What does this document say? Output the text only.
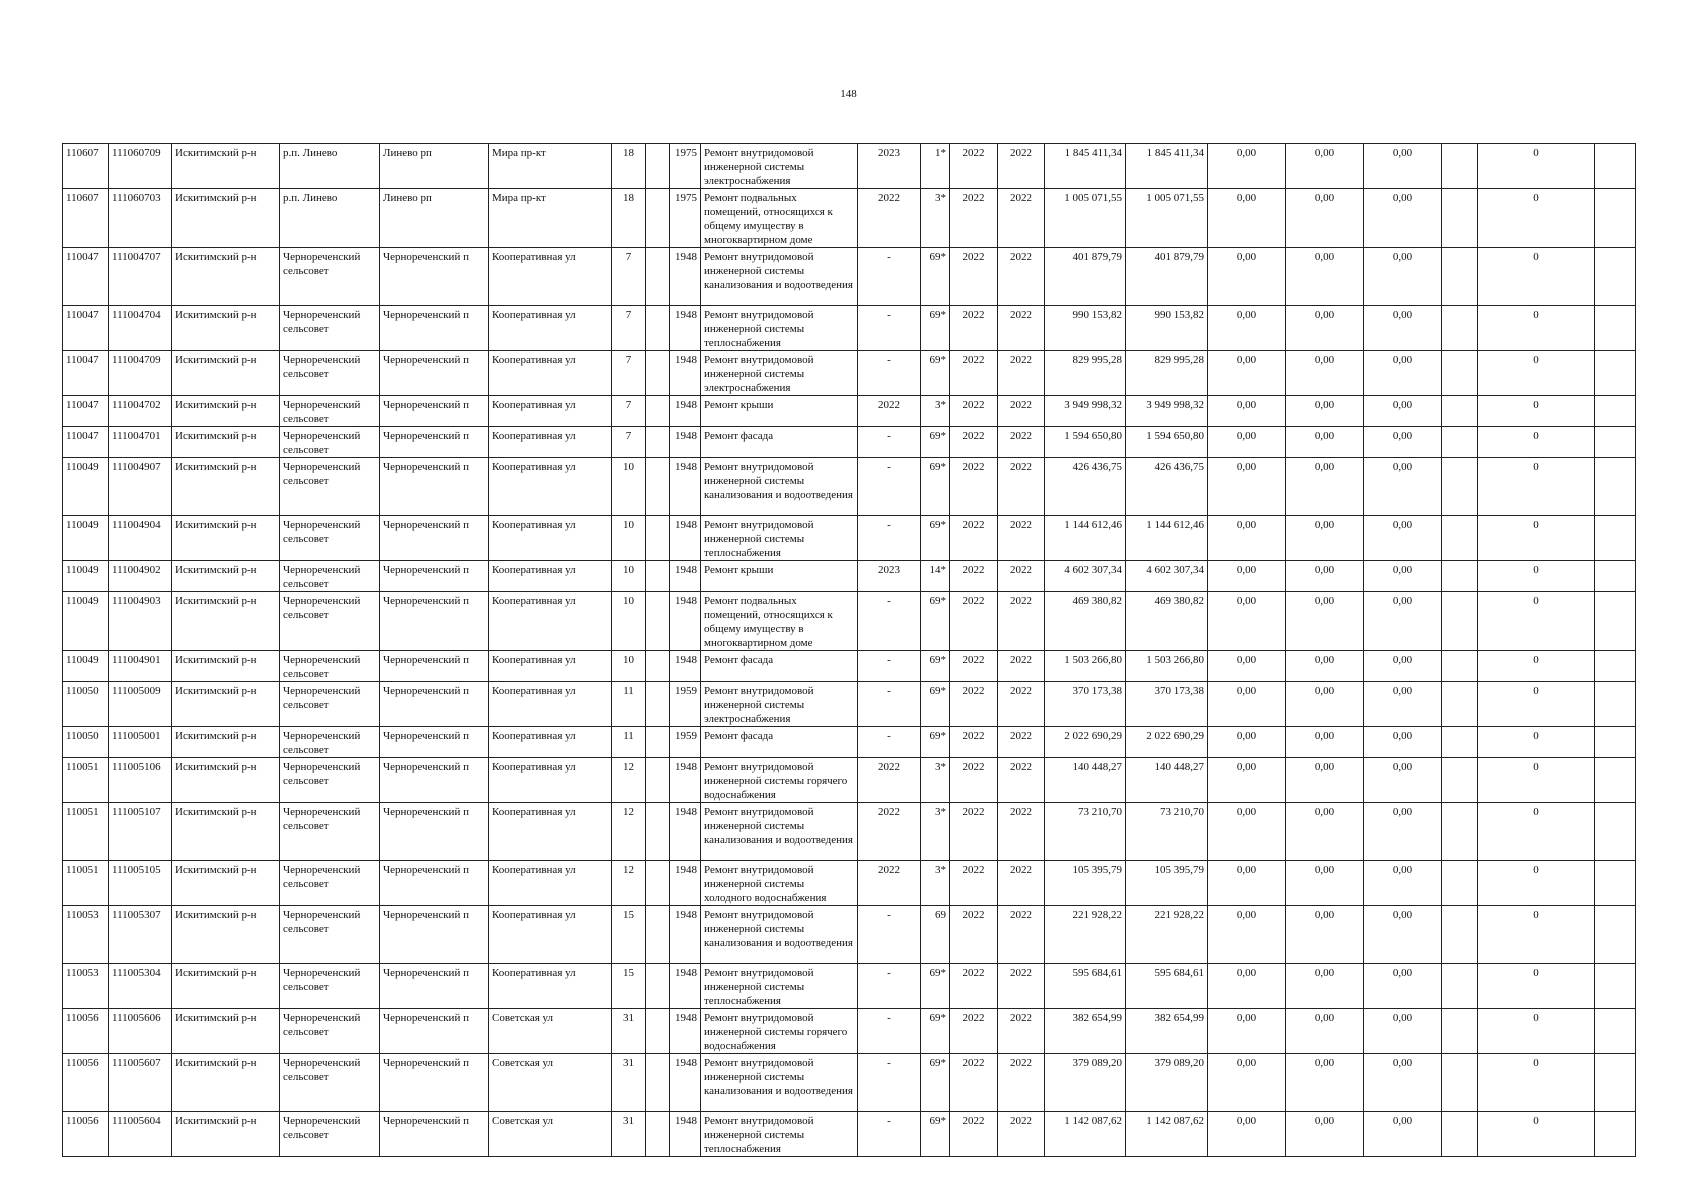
148
110607	111060709	Искитимский р-н	р.п. Линево	Линево рп	Мира пр-кт	18		1975	Ремонт внутридомовой инженерной системы электроснабжения	2023	1*	2022	2022	1 845 411,34	1 845 411,34	0,00	0,00	0,00		0	
110607	111060703	Искитимский р-н	р.п. Линево	Линево рп	Мира пр-кт	18		1975	Ремонт подвальных помещений, относящихся к общему имуществу в многоквартирном доме	2022	3*	2022	2022	1 005 071,55	1 005 071,55	0,00	0,00	0,00		0	
110047	111004707	Искитимский р-н	Чернореченский сельсовет	Чернореченский п	Кооперативная ул	7		1948	Ремонт внутридомовой инженерной системы канализования и водоотведения	-	69*	2022	2022	401 879,79	401 879,79	0,00	0,00	0,00		0	
110047	111004704	Искитимский р-н	Чернореченский сельсовет	Чернореченский п	Кооперативная ул	7		1948	Ремонт внутридомовой инженерной системы теплоснабжения	-	69*	2022	2022	990 153,82	990 153,82	0,00	0,00	0,00		0	
110047	111004709	Искитимский р-н	Чернореченский сельсовет	Чернореченский п	Кооперативная ул	7		1948	Ремонт внутридомовой инженерной системы электроснабжения	-	69*	2022	2022	829 995,28	829 995,28	0,00	0,00	0,00		0	
110047	111004702	Искитимский р-н	Чернореченский сельсовет	Чернореченский п	Кооперативная ул	7		1948	Ремонт крыши	2022	3*	2022	2022	3 949 998,32	3 949 998,32	0,00	0,00	0,00		0	
110047	111004701	Искитимский р-н	Чернореченский сельсовет	Чернореченский п	Кооперативная ул	7		1948	Ремонт фасада	-	69*	2022	2022	1 594 650,80	1 594 650,80	0,00	0,00	0,00		0	
110049	111004907	Искитимский р-н	Чернореченский сельсовет	Чернореченский п	Кооперативная ул	10		1948	Ремонт внутридомовой инженерной системы канализования и водоотведения	-	69*	2022	2022	426 436,75	426 436,75	0,00	0,00	0,00		0	
110049	111004904	Искитимский р-н	Чернореченский сельсовет	Чернореченский п	Кооперативная ул	10		1948	Ремонт внутридомовой инженерной системы теплоснабжения	-	69*	2022	2022	1 144 612,46	1 144 612,46	0,00	0,00	0,00		0	
110049	111004902	Искитимский р-н	Чернореченский сельсовет	Чернореченский п	Кооперативная ул	10		1948	Ремонт крыши	2023	14*	2022	2022	4 602 307,34	4 602 307,34	0,00	0,00	0,00		0	
110049	111004903	Искитимский р-н	Чернореченский сельсовет	Чернореченский п	Кооперативная ул	10		1948	Ремонт подвальных помещений, относящихся к общему имуществу в многоквартирном доме	-	69*	2022	2022	469 380,82	469 380,82	0,00	0,00	0,00		0	
110049	111004901	Искитимский р-н	Чернореченский сельсовет	Чернореченский п	Кооперативная ул	10		1948	Ремонт фасада	-	69*	2022	2022	1 503 266,80	1 503 266,80	0,00	0,00	0,00		0	
110050	111005009	Искитимский р-н	Чернореченский сельсовет	Чернореченский п	Кооперативная ул	11		1959	Ремонт внутридомовой инженерной системы электроснабжения	-	69*	2022	2022	370 173,38	370 173,38	0,00	0,00	0,00		0	
110050	111005001	Искитимский р-н	Чернореченский сельсовет	Чернореченский п	Кооперативная ул	11		1959	Ремонт фасада	-	69*	2022	2022	2 022 690,29	2 022 690,29	0,00	0,00	0,00		0	
110051	111005106	Искитимский р-н	Чернореченский сельсовет	Чернореченский п	Кооперативная ул	12		1948	Ремонт внутридомовой инженерной системы горячего водоснабжения	2022	3*	2022	2022	140 448,27	140 448,27	0,00	0,00	0,00		0	
110051	111005107	Искитимский р-н	Чернореченский сельсовет	Чернореченский п	Кооперативная ул	12		1948	Ремонт внутридомовой инженерной системы канализования и водоотведения	2022	3*	2022	2022	73 210,70	73 210,70	0,00	0,00	0,00		0	
110051	111005105	Искитимский р-н	Чернореченский сельсовет	Чернореченский п	Кооперативная ул	12		1948	Ремонт внутридомовой инженерной системы холодного водоснабжения	2022	3*	2022	2022	105 395,79	105 395,79	0,00	0,00	0,00		0	
110053	111005307	Искитимский р-н	Чернореченский сельсовет	Чернореченский п	Кооперативная ул	15		1948	Ремонт внутридомовой инженерной системы канализования и водоотведения	-	69	2022	2022	221 928,22	221 928,22	0,00	0,00	0,00		0	
110053	111005304	Искитимский р-н	Чернореченский сельсовет	Чернореченский п	Кооперативная ул	15		1948	Ремонт внутридомовой инженерной системы теплоснабжения	-	69*	2022	2022	595 684,61	595 684,61	0,00	0,00	0,00		0	
110056	111005606	Искитимский р-н	Чернореченский сельсовет	Чернореченский п	Советская ул	31		1948	Ремонт внутридомовой инженерной системы горячего водоснабжения	-	69*	2022	2022	382 654,99	382 654,99	0,00	0,00	0,00		0	
110056	111005607	Искитимский р-н	Чернореченский сельсовет	Чернореченский п	Советская ул	31		1948	Ремонт внутридомовой инженерной системы канализования и водоотведения	-	69*	2022	2022	379 089,20	379 089,20	0,00	0,00	0,00		0	
110056	111005604	Искитимский р-н	Чернореченский сельсовет	Чернореченский п	Советская ул	31		1948	Ремонт внутридомовой инженерной системы теплоснабжения	-	69*	2022	2022	1 142 087,62	1 142 087,62	0,00	0,00	0,00		0	
